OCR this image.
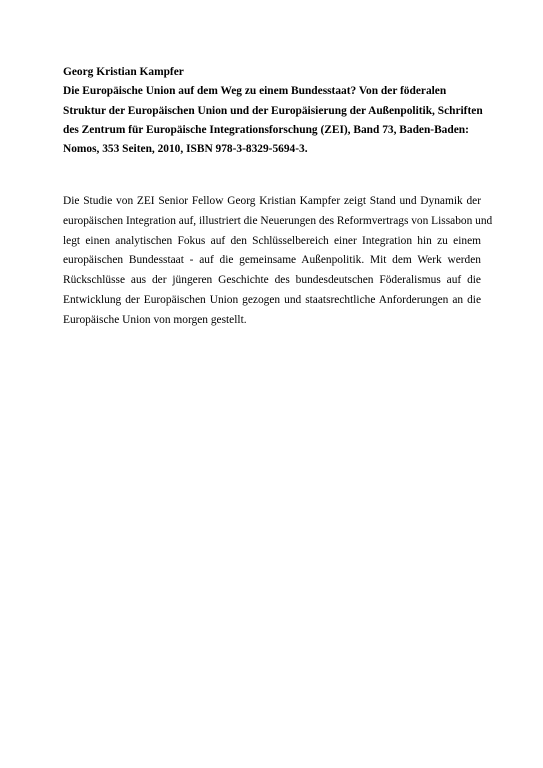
Georg Kristian Kampfer
Die Europäische Union auf dem Weg zu einem Bundesstaat? Von der föderalen
Struktur der Europäischen Union und der Europäisierung der Außenpolitik, Schriften
des Zentrum für Europäische Integrationsforschung (ZEI), Band 73, Baden-Baden:
Nomos, 353 Seiten, 2010, ISBN 978-3-8329-5694-3.
Die Studie von ZEI Senior Fellow Georg Kristian Kampfer zeigt Stand und Dynamik der
europäischen Integration auf, illustriert die Neuerungen des Reformvertrags von Lissabon und
legt einen analytischen Fokus auf den Schlüsselbereich einer Integration hin zu einem
europäischen Bundesstaat - auf die gemeinsame Außenpolitik. Mit dem Werk werden
Rückschlüsse aus der jüngeren Geschichte des bundesdeutschen Föderalismus auf die
Entwicklung der Europäischen Union gezogen und staatsrechtliche Anforderungen an die
Europäische Union von morgen gestellt.
